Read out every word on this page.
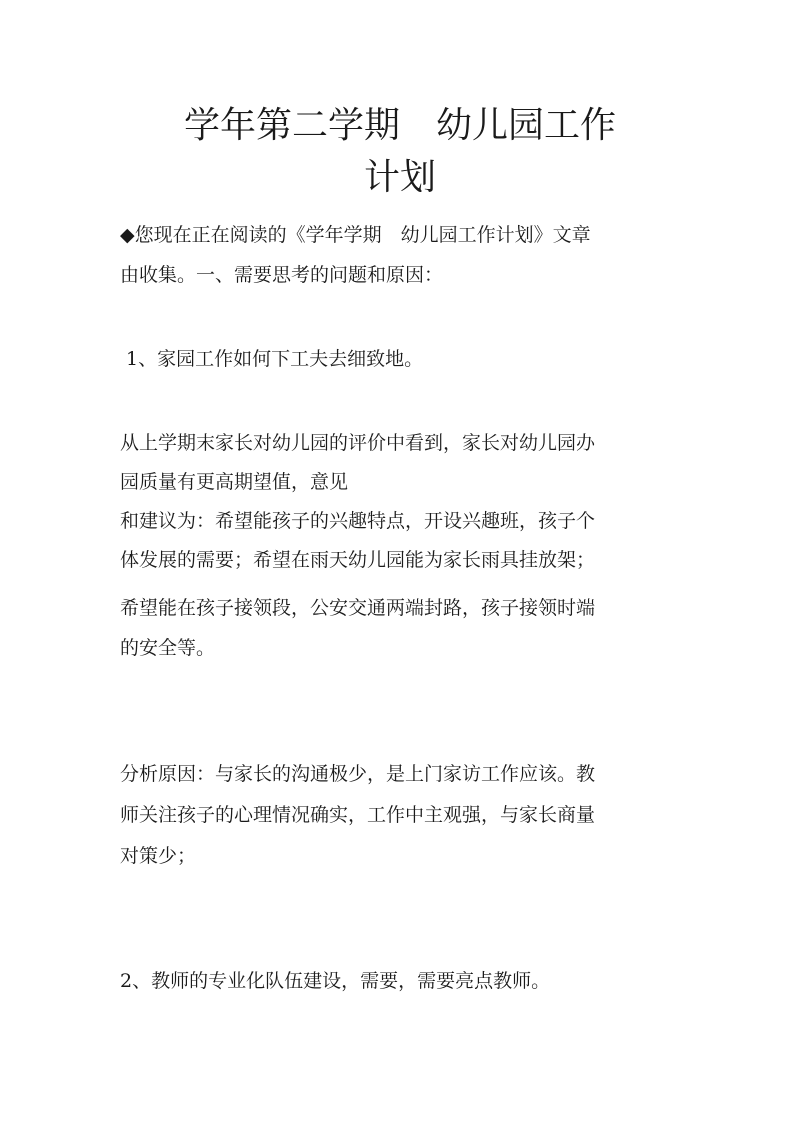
学年第二学期　幼儿园工作
计划

◆您现在正在阅读的《学年学期　幼儿园工作计划》文章

由收集。一、需要思考的问题和原因：

1、家园工作如何下工夫去细致地。

从上学期末家长对幼儿园的评价中看到，家长对幼儿园办

园质量有更高期望值，意见

和建议为：希望能孩子的兴趣特点，开设兴趣班，孩子个

体发展的需要；希望在雨天幼儿园能为家长雨具挂放架；

希望能在孩子接领段，公安交通两端封路，孩子接领时端

的安全等。

分析原因：与家长的沟通极少，是上门家访工作应该。教

师关注孩子的心理情况确实，工作中主观强，与家长商量

对策少；

2、教师的专业化队伍建设，需要，需要亮点教师。
